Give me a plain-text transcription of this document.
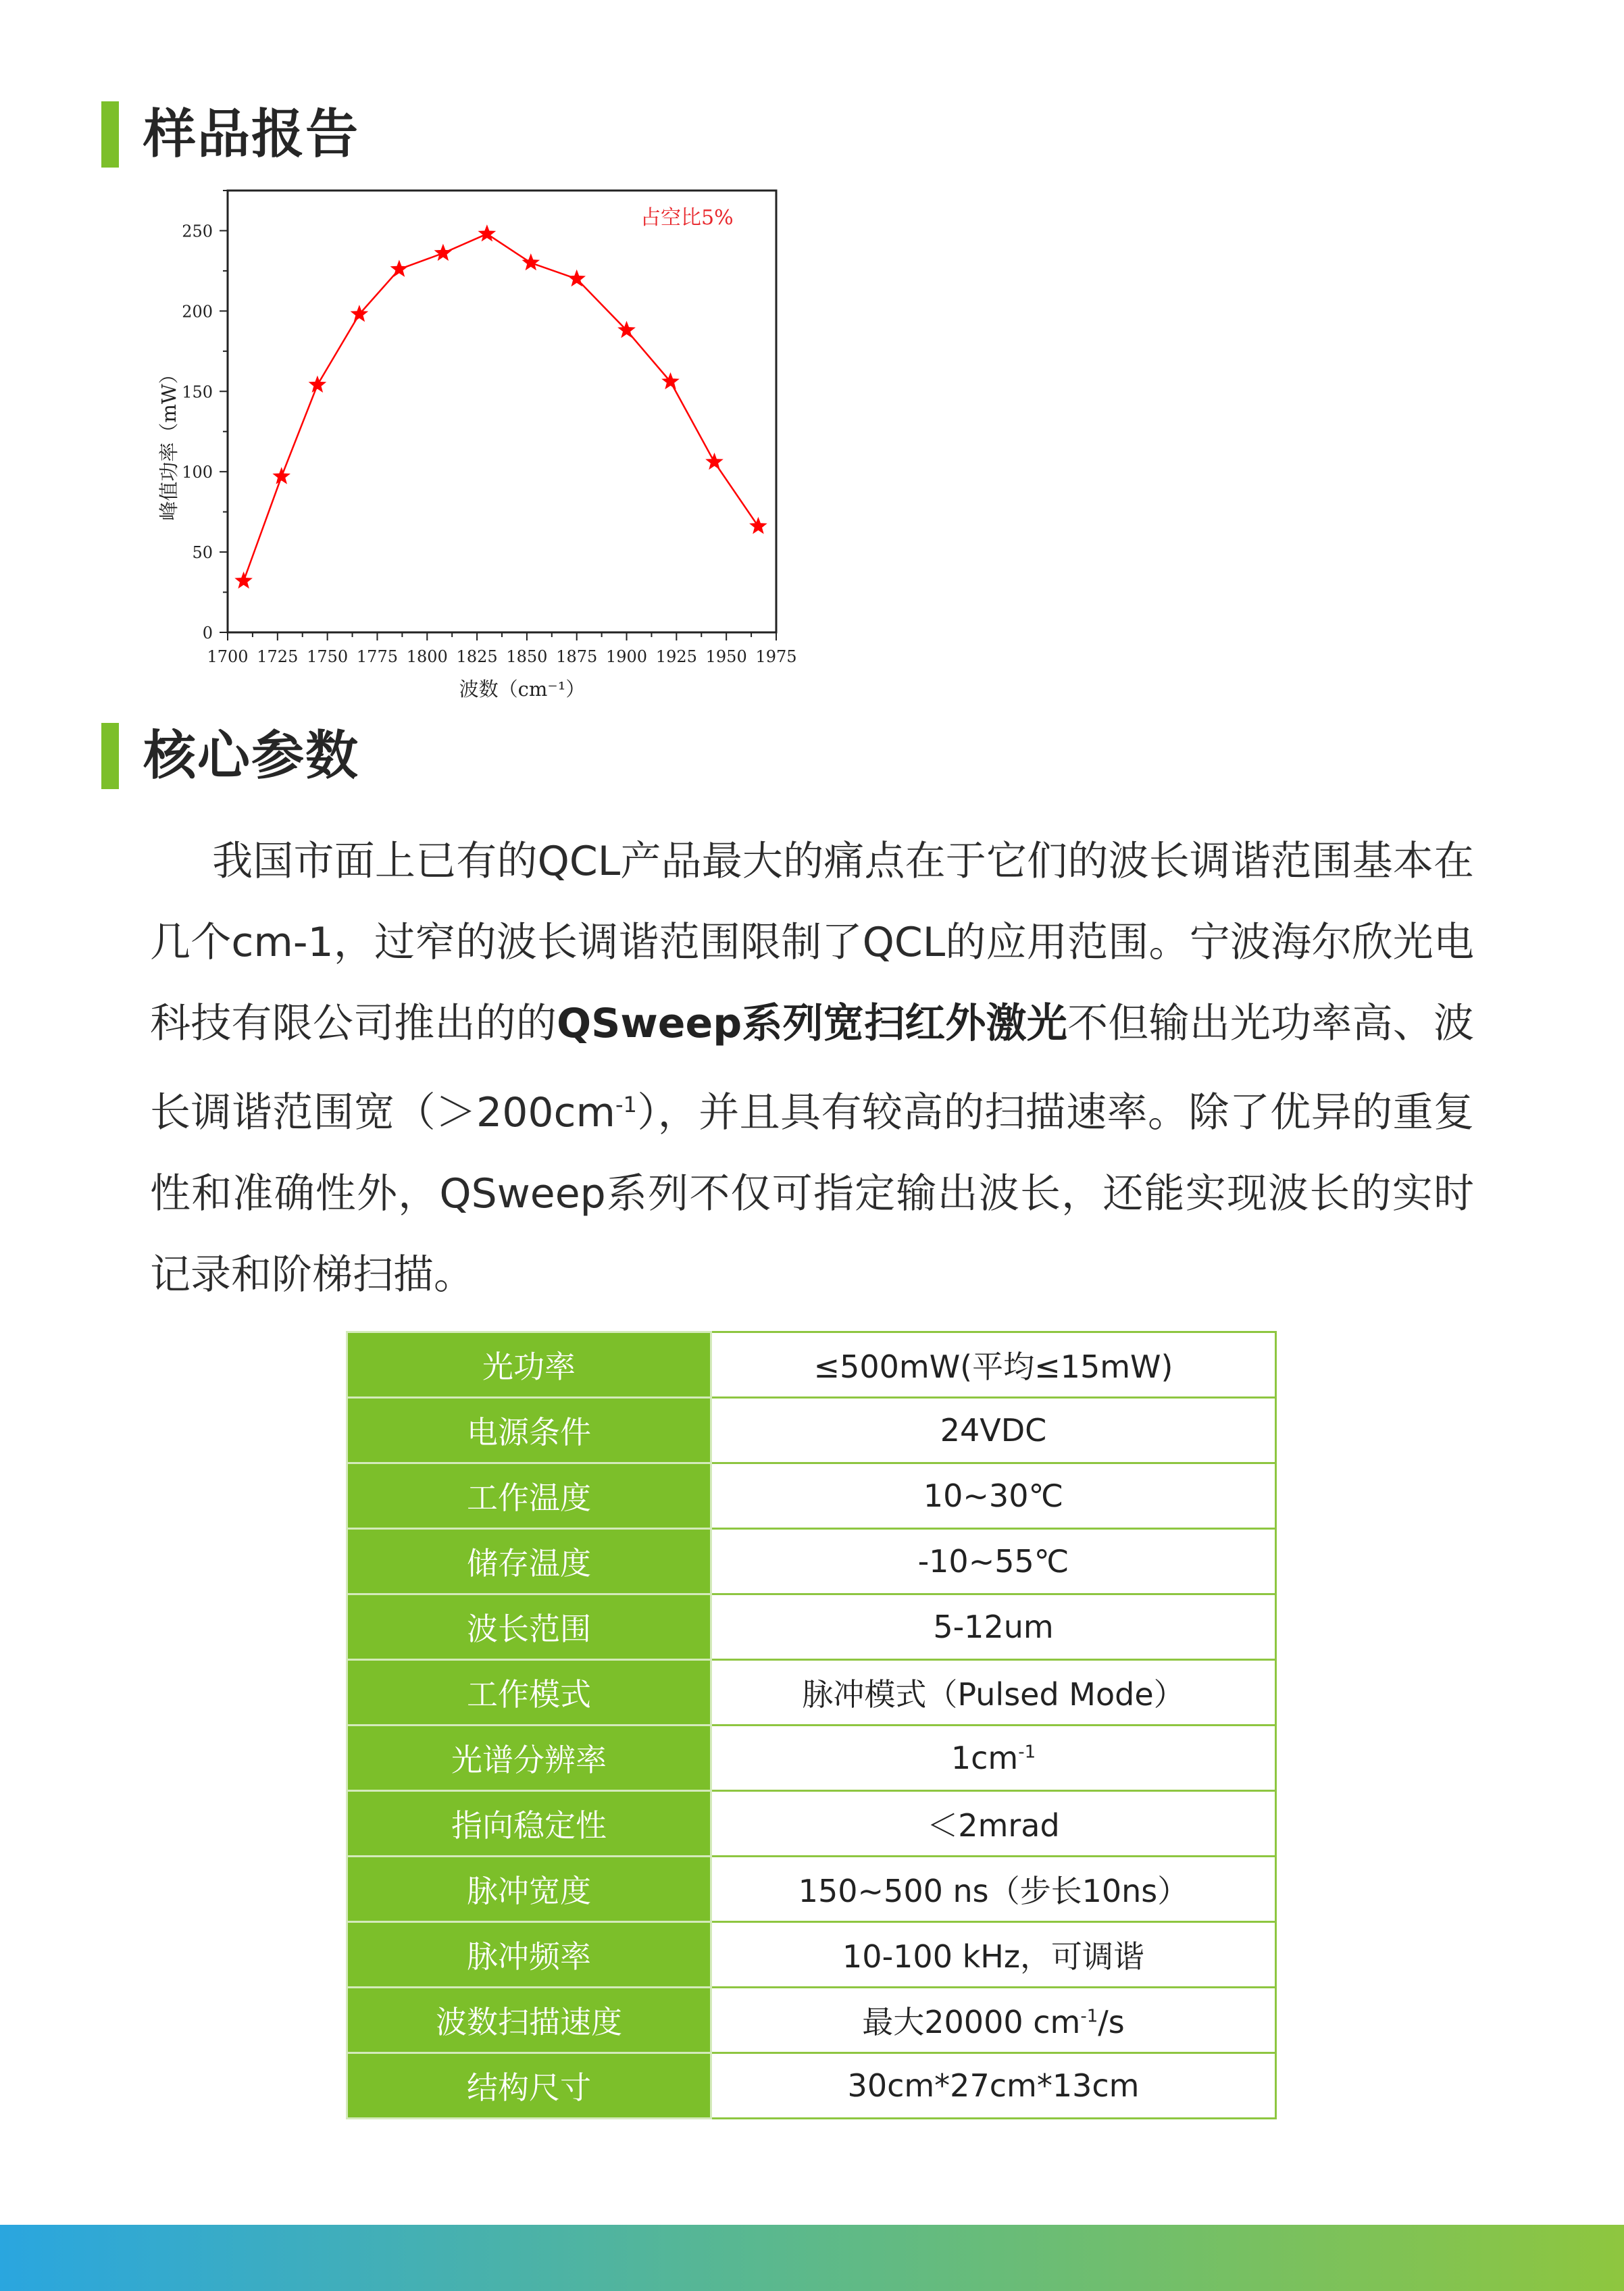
样品报告
1700 1725 1750 1775 1800 1825 1850 1875 1900 1925 1950 1975
0
50
100
150
200
250
占空比5%
波数（cm⁻¹）
峰值功率（mW）
核心参数
我国市面上已有的QCL产品最大的痛点在于它们的波长调谐范围基本在几个cm-1，过窄的波长调谐范围限制了QCL的应用范围。宁波海尔欣光电科技有限公司推出的的QSweep系列宽扫红外激光不但输出光功率高、波长调谐范围宽$(>200cm^{-1})$，并且具有较高的扫描速率。除了优异的重复性和准确性外，QSweep系列不仅可指定输出波长，还能实现波长的实时记录和阶梯扫描。
光功率	≤500mW(平均≤15mW)
电源条件	24VDC
工作温度	10~30℃
储存温度	-10~55℃
波长范围	5-12um
工作模式	脉冲模式（Pulsed Mode）
光谱分辨率	$1cm^{-1}$
指向稳定性	＜2mrad
脉冲宽度	150~500 ns（步长10ns）
脉冲频率	10-100 kHz，可调谐
波数扫描速度	最大20000 $cm^{-1}/s$
结构尺寸	30cm*27cm*13cm
